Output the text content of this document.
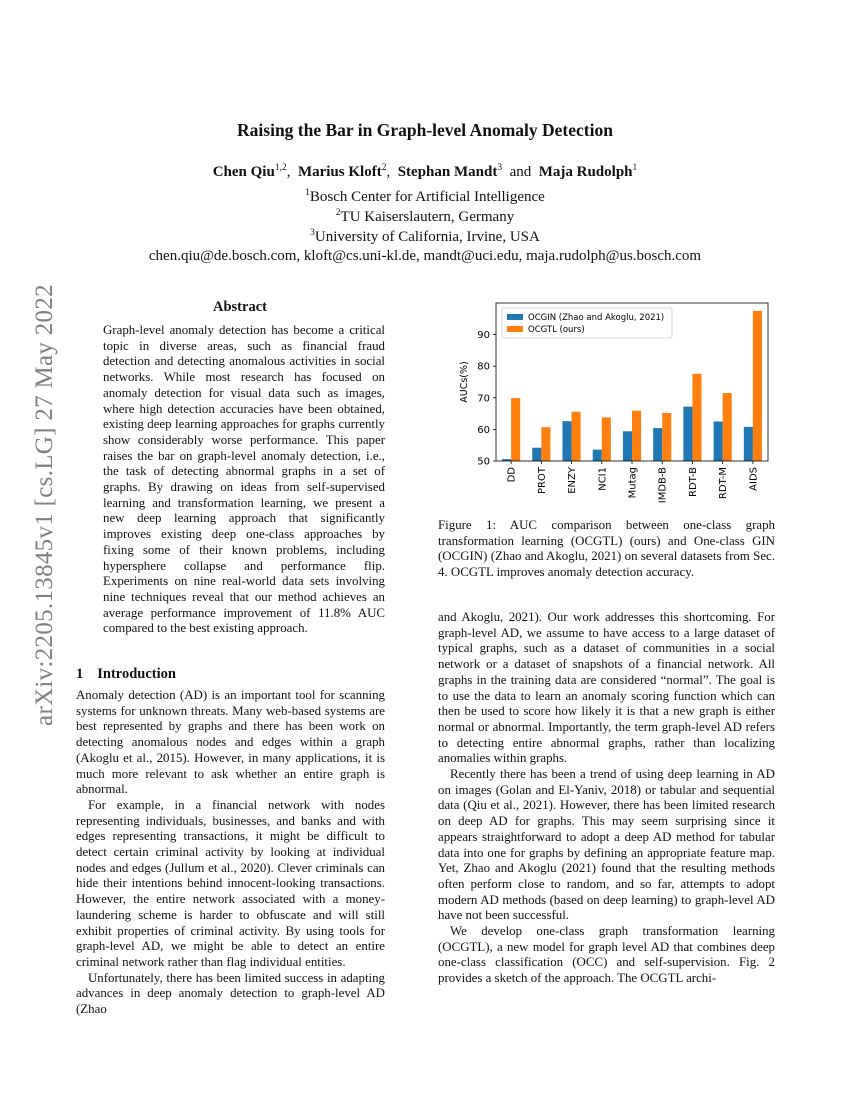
Raising the Bar in Graph-level Anomaly Detection
Chen Qiu$^{1,2}$,  Marius Kloft$^2$,  Stephan Mandt$^3$ and Maja Rudolph$^1$
$^1$Bosch Center for Artificial Intelligence
$^2$TU Kaiserslautern, Germany
$^3$University of California, Irvine, USA
chen.qiu@de.bosch.com, kloft@cs.uni-kl.de, mandt@uci.edu, maja.rudolph@us.bosch.com
arXiv:2205.13845v1 [cs.LG] 27 May 2022	Abstract

Graph-level anomaly detection has become a critical topic in diverse areas, such as financial fraud detection and detecting anomalous activities in social networks. While most research has focused on anomaly detection for visual data such as images, where high detection accuracies have been obtained, existing deep learning approaches for graphs currently show considerably worse performance. This paper raises the bar on graph-level anomaly detection, i.e., the task of detecting abnormal graphs in a set of graphs. By drawing on ideas from self-supervised learning and transformation learning, we present a new deep learning approach that significantly improves existing deep one-class approaches by fixing some of their known problems, including hypersphere collapse and performance flip. Experiments on nine real-world data sets involving nine techniques reveal that our method achieves an average performance improvement of 11.8% AUC compared to the best existing approach.

1 Introduction

Anomaly detection (AD) is an important tool for scanning systems for unknown threats. Many web-based systems are best represented by graphs and there has been work on detecting anomalous nodes and edges within a graph (Akoglu et al., 2015). However, in many applications, it is much more relevant to ask whether an entire graph is abnormal.

For example, in a financial network with nodes representing individuals, businesses, and banks and with edges representing transactions, it might be difficult to detect certain criminal activity by looking at individual nodes and edges (Jullum et al., 2020). Clever criminals can hide their intentions behind innocent-looking transactions. However, the entire network associated with a money-laundering scheme is harder to obfuscate and will still exhibit properties of criminal activity. By using tools for graph-level AD, we might be able to detect an entire criminal network rather than flag individual entities.

Unfortunately, there has been limited success in adapting advances in deep anomaly detection to graph-level AD (Zhao

50
60
70
80
90
AUCs(%)
DD PROT ENZY NCI1 Mutag IMDB-B RDT-B RDT-M AIDS
OCGIN (Zhao and Akoglu, 2021)
OCGTL (ours)
Figure 1: AUC comparison between one-class graph transformation learning (OCGTL) (ours) and One-class GIN (OCGIN) (Zhao and Akoglu, 2021) on several datasets from Sec. 4. OCGTL improves anomaly detection accuracy.

and Akoglu, 2021). Our work addresses this shortcoming. For graph-level AD, we assume to have access to a large dataset of typical graphs, such as a dataset of communities in a social network or a dataset of snapshots of a financial network. All graphs in the training data are considered “normal”. The goal is to use the data to learn an anomaly scoring function which can then be used to score how likely it is that a new graph is either normal or abnormal. Importantly, the term graph-level AD refers to detecting entire abnormal graphs, rather than localizing anomalies within graphs.

Recently there has been a trend of using deep learning in AD on images (Golan and El-Yaniv, 2018) or tabular and sequential data (Qiu et al., 2021). However, there has been limited research on deep AD for graphs. This may seem surprising since it appears straightforward to adopt a deep AD method for tabular data into one for graphs by defining an appropriate feature map. Yet, Zhao and Akoglu (2021) found that the resulting methods often perform close to random, and so far, attempts to adopt modern AD methods (based on deep learning) to graph-level AD have not been successful.

We develop one-class graph transformation learning (OCGTL), a new model for graph level AD that combines deep one-class classification (OCC) and self-supervision. Fig. 2 provides a sketch of the approach. The OCGTL archi-
